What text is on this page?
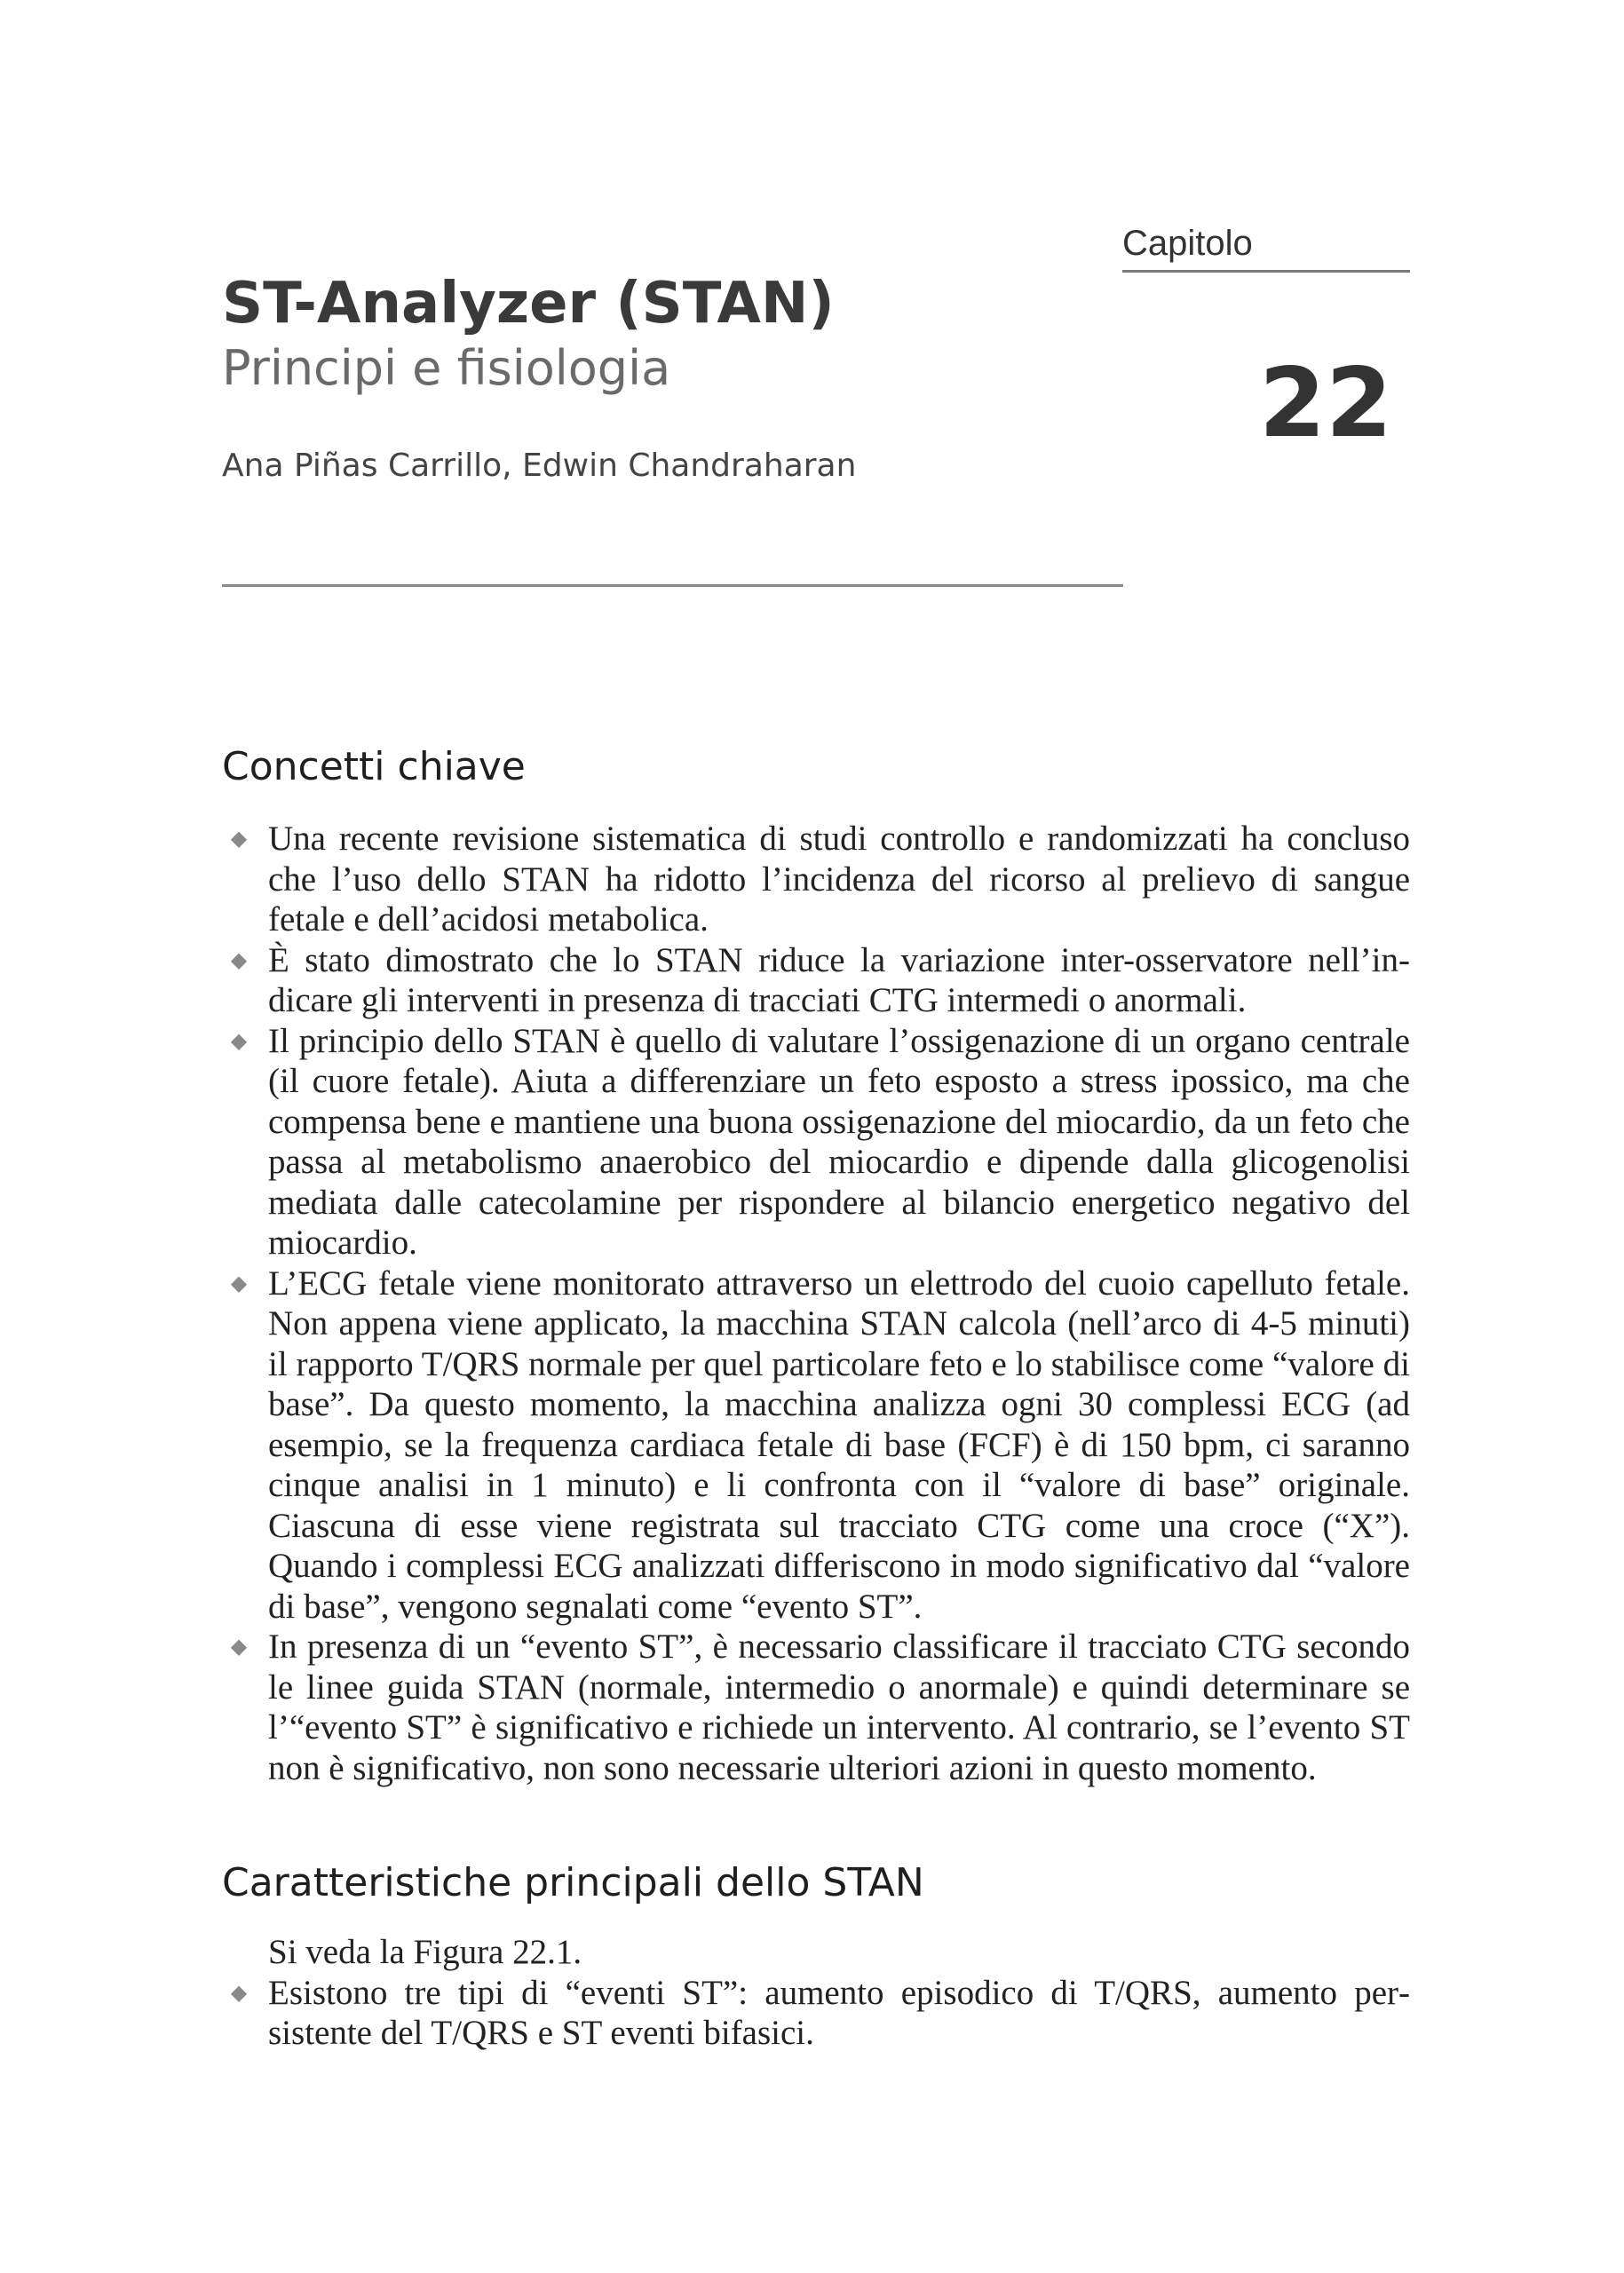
Capitolo
22
ST-Analyzer (STAN)
Principi e fisiologia
Ana Piñas Carrillo, Edwin Chandraharan
Concetti chiave
◆ Una recente revisione sistematica di studi controllo e randomizzati ha concluso che l’uso dello STAN ha ridotto l’incidenza del ricorso al prelievo di sangue fetale e dell’acidosi metabolica.
◆ È stato dimostrato che lo STAN riduce la variazione inter-osservatore nell’indicare gli interventi in presenza di tracciati CTG intermedi o anormali.
◆ Il principio dello STAN è quello di valutare l’ossigenazione di un organo centrale (il cuore fetale). Aiuta a differenziare un feto esposto a stress ipossico, ma che compensa bene e mantiene una buona ossigenazione del miocardio, da un feto che passa al metabolismo anaerobico del miocardio e dipende dalla glicogenolisi mediata dalle catecolamine per rispondere al bilancio energetico negativo del miocardio.
◆ L’ECG fetale viene monitorato attraverso un elettrodo del cuoio capelluto fetale. Non appena viene applicato, la macchina STAN calcola (nell’arco di 4-5 minuti) il rapporto T/QRS normale per quel particolare feto e lo stabilisce come “valore di base”. Da questo momento, la macchina analizza ogni 30 complessi ECG (ad esempio, se la frequenza cardiaca fetale di base (FCF) è di 150 bpm, ci saranno cinque analisi in 1 minuto) e li confronta con il “valore di base” originale. Ciascuna di esse viene registrata sul tracciato CTG come una croce (“X”). Quando i complessi ECG analizzati differiscono in modo significativo dal “valore di base”, vengono segnalati come “evento ST”.
◆ In presenza di un “evento ST”, è necessario classificare il tracciato CTG secondo le linee guida STAN (normale, intermedio o anormale) e quindi determinare se l’“evento ST” è significativo e richiede un intervento. Al contrario, se l’evento ST non è significativo, non sono necessarie ulteriori azioni in questo momento.
Caratteristiche principali dello STAN
Si veda la Figura 22.1.
◆ Esistono tre tipi di “eventi ST”: aumento episodico di T/QRS, aumento persistente del T/QRS e ST eventi bifasici.
